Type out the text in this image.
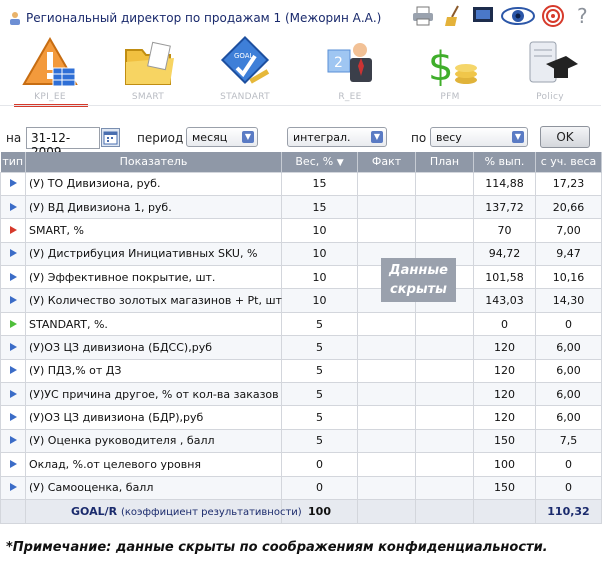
Региональный директор по продажам 1 (Межорин А.А.)	?
KPI_EE	SMART
GOAL
STANDART
2
R_EE
$
PFM	Policy
на 31-12-	период месяц	▼	интеграл.	▼	по весу	▼	OK
тип	Показатель	Вес, % ▼	Факт	План	% вып.	с уч. веса
	(У) ТО Дивизиона, руб.	15			114,88	17,23
	(У) ВД Дивизиона 1, руб.	15			137,72	20,66
	SMART, %	10			70	7,00
	(У) Дистрибуция Инициативных SKU, %	10			94,72	9,47
	(У) Эффективное покрытие, шт.	10			101,58	10,16
	(У) Количество золотых магазинов + Pt, шт	10			143,03	14,30
	STANDART, %.	5			0	0
	(У)ОЗ ЦЗ дивизиона (БДСС),руб	5			120	6,00
	(У) ПДЗ,% от ДЗ	5			120	6,00
	(У)УС причина другое, % от кол-ва заказов	5			120	6,00
	(У)ОЗ ЦЗ дивизиона (БДР),руб	5			120	6,00
	(У) Оценка руководителя , балл	5			150	7,5
	Оклад, %.от целевого уровня	0			100	0
	(У) Самооценка, балл	0			150	0
	GOAL/R (коэффициент результативности)	100				110,32
Данные
скрыты
*Примечание: данные скрыты по соображениям конфиденциальности.
